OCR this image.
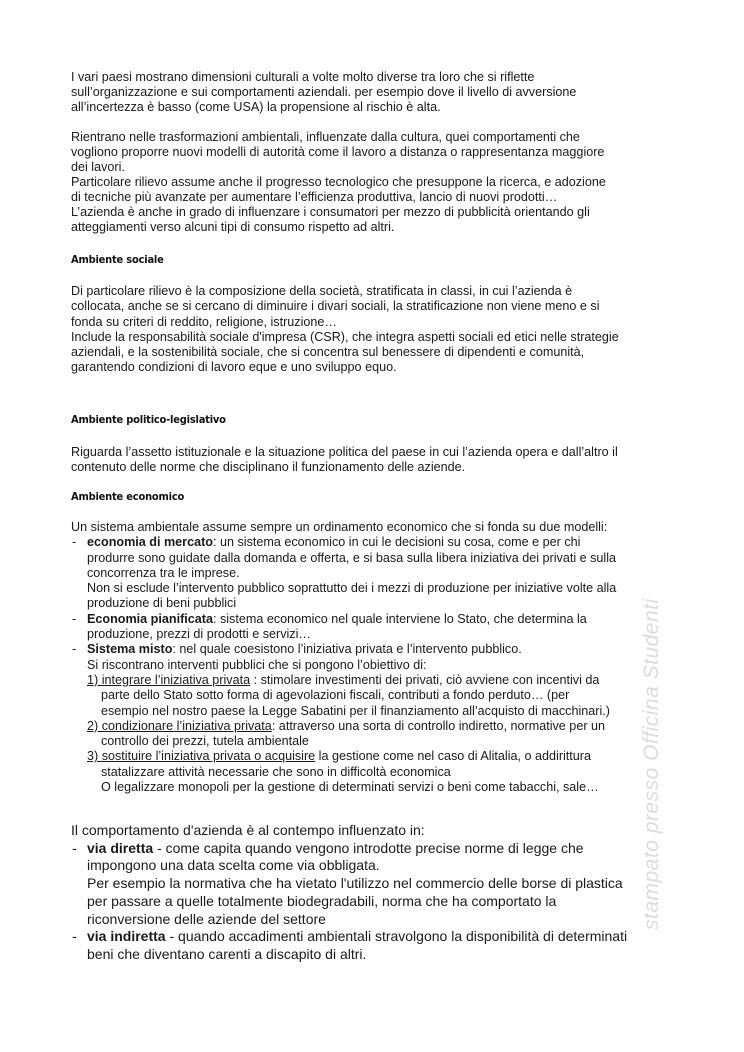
stampato presso Officina Studenti
I vari paesi mostrano dimensioni culturali a volte molto diverse tra loro che si riflette
sull’organizzazione e sui comportamenti aziendali. per esempio dove il livello di avversione
all’incertezza è basso (come USA) la propensione al rischio è alta.
Rientrano nelle trasformazioni ambientali, influenzate dalla cultura, quei comportamenti che
vogliono proporre nuovi modelli di autorità come il lavoro a distanza o rappresentanza maggiore
dei lavori.
Particolare rilievo assume anche il progresso tecnologico che presuppone la ricerca, e adozione
di tecniche più avanzate per aumentare l’efficienza produttiva, lancio di nuovi prodotti…
L’azienda è anche in grado di influenzare i consumatori per mezzo di pubblicità orientando gli
atteggiamenti verso alcuni tipi di consumo rispetto ad altri.
Ambiente sociale
Di particolare rilievo è la composizione della società, stratificata in classi, in cui l’azienda è
collocata, anche se si cercano di diminuire i divari sociali, la stratificazione non viene meno e si
fonda su criteri di reddito, religione, istruzione…
Include la responsabilità sociale d'impresa (CSR), che integra aspetti sociali ed etici nelle strategie
aziendali, e la sostenibilità sociale, che si concentra sul benessere di dipendenti e comunità,
garantendo condizioni di lavoro eque e uno sviluppo equo.
Ambiente politico-legislativo
Riguarda l’assetto istituzionale e la situazione politica del paese in cui l’azienda opera e dall’altro il
contenuto delle norme che disciplinano il funzionamento delle aziende.
Ambiente economico
Un sistema ambientale assume sempre un ordinamento economico che si fonda su due modelli:
- economia di mercato: un sistema economico in cui le decisioni su cosa, come e per chi
produrre sono guidate dalla domanda e offerta, e si basa sulla libera iniziativa dei privati e sulla
concorrenza tra le imprese.
Non si esclude l’intervento pubblico soprattutto dei i mezzi di produzione per iniziative volte alla
produzione di beni pubblici
- Economia pianificata: sistema economico nel quale interviene lo Stato, che determina la
produzione, prezzi di prodotti e servizi…
- Sistema misto: nel quale coesistono l’iniziativa privata e l’intervento pubblico.
Si riscontrano interventi pubblici che si pongono l’obiettivo di:
1) integrare l’iniziativa privata : stimolare investimenti dei privati, ciò avviene con incentivi da
parte dello Stato sotto forma di agevolazioni fiscali, contributi a fondo perduto… (per
esempio nel nostro paese la Legge Sabatini per il finanziamento all’acquisto di macchinari.)
2) condizionare l’iniziativa privata: attraverso una sorta di controllo indiretto, normative per un
controllo dei prezzi, tutela ambientale
3) sostituire l’iniziativa privata o acquisire la gestione come nel caso di Alitalia, o addirittura
statalizzare attività necessarie che sono in difficoltà economica
O legalizzare monopoli per la gestione di determinati servizi o beni come tabacchi, sale…
Il comportamento d'azienda è al contempo influenzato in:
- via diretta - come capita quando vengono introdotte precise norme di legge che
impongono una data scelta come via obbligata.
Per esempio la normativa che ha vietato l'utilizzo nel commercio delle borse di plastica
per passare a quelle totalmente biodegradabili, norma che ha comportato la
riconversione delle aziende del settore
- via indiretta - quando accadimenti ambientali stravolgono la disponibilità di determinati
beni che diventano carenti a discapito di altri.
